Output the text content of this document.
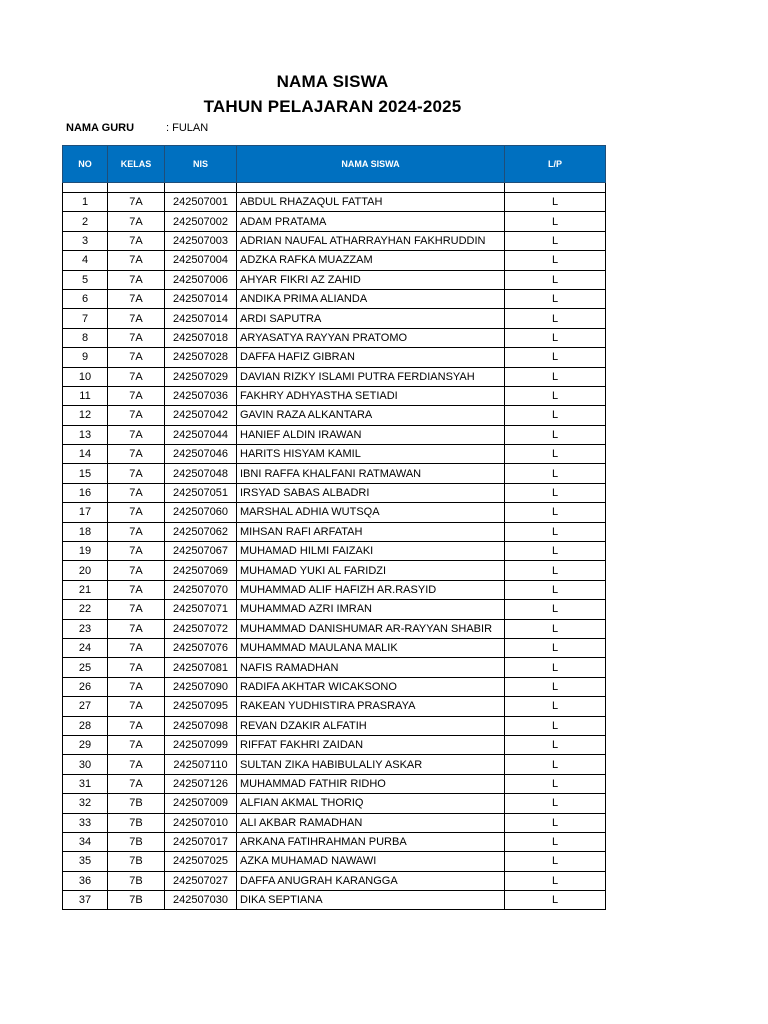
NAMA SISWA
TAHUN PELAJARAN 2024-2025
NAMA GURU	: FULAN
NO	KELAS	NIS	NAMA SISWA	L/P

1	7A	242507001	ABDUL RHAZAQUL FATTAH	L
2	7A	242507002	ADAM PRATAMA	L
3	7A	242507003	ADRIAN NAUFAL ATHARRAYHAN FAKHRUDDIN	L
4	7A	242507004	ADZKA RAFKA MUAZZAM	L
5	7A	242507006	AHYAR FIKRI AZ ZAHID	L
6	7A	242507014	ANDIKA PRIMA ALIANDA	L
7	7A	242507014	ARDI SAPUTRA	L
8	7A	242507018	ARYASATYA RAYYAN PRATOMO	L
9	7A	242507028	DAFFA HAFIZ GIBRAN	L
10	7A	242507029	DAVIAN RIZKY ISLAMI PUTRA FERDIANSYAH	L
11	7A	242507036	FAKHRY ADHYASTHA SETIADI	L
12	7A	242507042	GAVIN RAZA ALKANTARA	L
13	7A	242507044	HANIEF ALDIN IRAWAN	L
14	7A	242507046	HARITS HISYAM KAMIL	L
15	7A	242507048	IBNI RAFFA KHALFANI RATMAWAN	L
16	7A	242507051	IRSYAD SABAS ALBADRI	L
17	7A	242507060	MARSHAL ADHIA WUTSQA	L
18	7A	242507062	MIHSAN RAFI ARFATAH	L
19	7A	242507067	MUHAMAD HILMI FAIZAKI	L
20	7A	242507069	MUHAMAD YUKI AL FARIDZI	L
21	7A	242507070	MUHAMMAD ALIF HAFIZH AR.RASYID	L
22	7A	242507071	MUHAMMAD AZRI IMRAN	L
23	7A	242507072	MUHAMMAD DANISHUMAR AR-RAYYAN SHABIR	L
24	7A	242507076	MUHAMMAD MAULANA MALIK	L
25	7A	242507081	NAFIS RAMADHAN	L
26	7A	242507090	RADIFA AKHTAR WICAKSONO	L
27	7A	242507095	RAKEAN YUDHISTIRA PRASRAYA	L
28	7A	242507098	REVAN DZAKIR ALFATIH	L
29	7A	242507099	RIFFAT FAKHRI ZAIDAN	L
30	7A	242507110	SULTAN ZIKA HABIBULALIY ASKAR	L
31	7A	242507126	MUHAMMAD FATHIR RIDHO	L
32	7B	242507009	ALFIAN AKMAL THORIQ	L
33	7B	242507010	ALI AKBAR RAMADHAN	L
34	7B	242507017	ARKANA FATIHRAHMAN PURBA	L
35	7B	242507025	AZKA MUHAMAD NAWAWI	L
36	7B	242507027	DAFFA ANUGRAH KARANGGA	L
37	7B	242507030	DIKA SEPTIANA	L
